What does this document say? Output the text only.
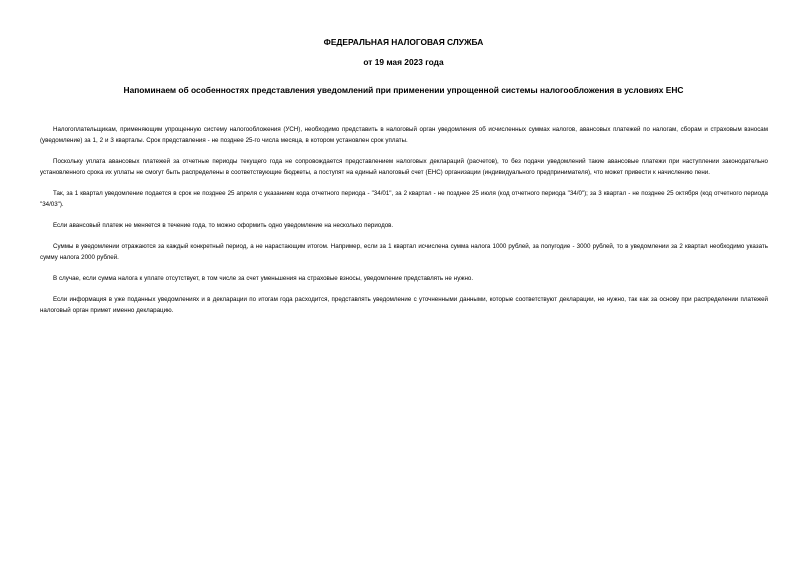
ФЕДЕРАЛЬНАЯ НАЛОГОВАЯ СЛУЖБА
от 19 мая 2023 года
Напоминаем об особенностях представления уведомлений при применении упрощенной системы налогообложения в условиях ЕНС

Налогоплательщикам, применяющим упрощенную систему налогообложения (УСН), необходимо представить в налоговый орган уведомления об исчисленных суммах налогов, авансовых платежей по налогам, сборам и страховым взносам (уведомление) за 1, 2 и 3 кварталы. Срок представления - не позднее 25-го числа месяца, в котором установлен срок уплаты.

Поскольку уплата авансовых платежей за отчетные периоды текущего года не сопровождается представлением налоговых деклараций (расчетов), то без подачи уведомлений такие авансовые платежи при наступлении законодательно установленного срока их уплаты не смогут быть распределены в соответствующие бюджеты, а поступят на единый налоговый счет (ЕНС) организации (индивидуального предпринимателя), что может привести к начислению пени.

Так, за 1 квартал уведомление подается в срок не позднее 25 апреля с указанием кода отчетного периода - "34/01", за 2 квартал - не позднее 25 июля (код отчетного периода "34/0"); за 3 квартал - не позднее 25 октября (код отчетного периода "34/03").

Если авансовый платеж не меняется в течение года, то можно оформить одно уведомление на несколько периодов.

Суммы в уведомлении отражаются за каждый конкретный период, а не нарастающим итогом. Например, если за 1 квартал исчислена сумма налога 1000 рублей, за полугодие - 3000 рублей, то в уведомлении за 2 квартал необходимо указать сумму налога 2000 рублей.

В случае, если сумма налога к уплате отсутствует, в том числе за счет уменьшения на страховые взносы, уведомление представлять не нужно.

Если информация в уже поданных уведомлениях и в декларации по итогам года расходится, представлять уведомление с уточненными данными, которые соответствуют декларации, не нужно, так как за основу при распределении платежей налоговый орган примет именно декларацию.
